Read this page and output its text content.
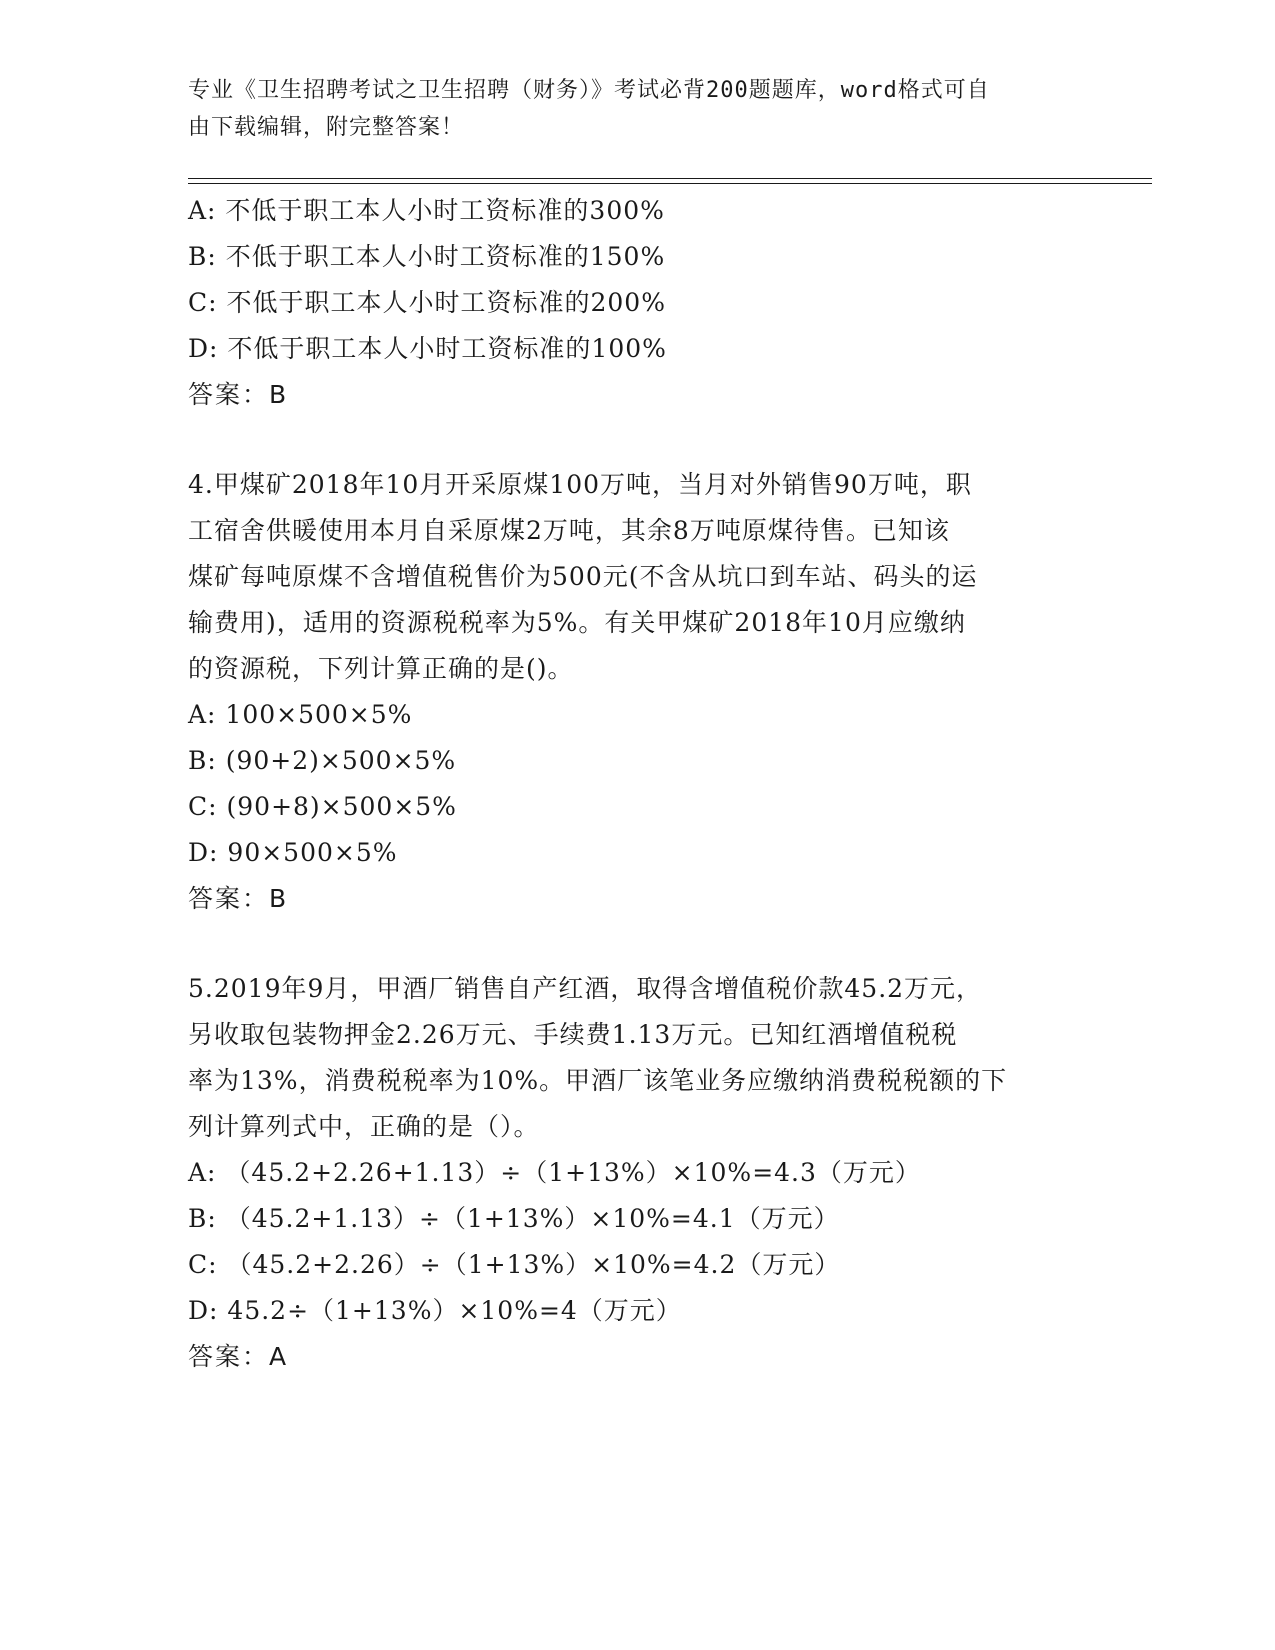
专业《卫生招聘考试之卫生招聘（财务）》考试必背200题题库，word格式可自
由下载编辑，附完整答案！
A: 不低于职工本人小时工资标准的300%
B: 不低于职工本人小时工资标准的150%
C: 不低于职工本人小时工资标准的200%
D: 不低于职工本人小时工资标准的100%
答案：B
4.甲煤矿2018年10月开采原煤100万吨，当月对外销售90万吨，职
工宿舍供暖使用本月自采原煤2万吨，其余8万吨原煤待售。已知该
煤矿每吨原煤不含增值税售价为500元(不含从坑口到车站、码头的运
输费用)，适用的资源税税率为5%。有关甲煤矿2018年10月应缴纳
的资源税，下列计算正确的是()。
A: 100×500×5%
B: (90+2)×500×5%
C: (90+8)×500×5%
D: 90×500×5%
答案：B
5.2019年9月，甲酒厂销售自产红酒，取得含增值税价款45.2万元，
另收取包装物押金2.26万元、手续费1.13万元。已知红酒增值税税
率为13%，消费税税率为10%。甲酒厂该笔业务应缴纳消费税税额的下
列计算列式中，正确的是（）。
A: （45.2+2.26+1.13）÷（1+13%）×10%=4.3（万元）
B: （45.2+1.13）÷（1+13%）×10%=4.1（万元）
C: （45.2+2.26）÷（1+13%）×10%=4.2（万元）
D: 45.2÷（1+13%）×10%=4（万元）
答案：A
